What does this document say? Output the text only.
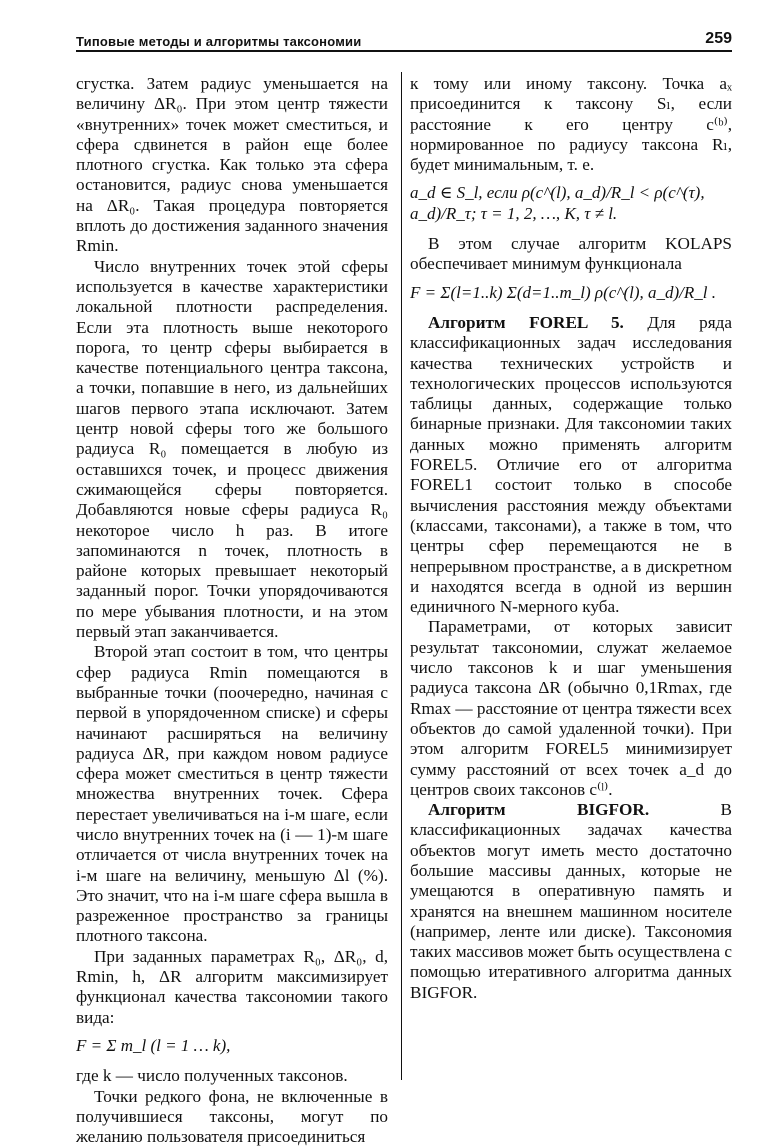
Типовые методы и алгоритмы таксономии	259

сгустка. Затем радиус уменьшается на величину ΔR₀. При этом центр тяжести «внутренних» точек может сместиться, и сфера сдвинется в район еще более плотного сгустка. Как только эта сфера остановится, радиус снова уменьшается на ΔR₀. Такая процедура повторяется вплоть до достижения заданного значения Rmin.

Число внутренних точек этой сферы используется в качестве характеристики локальной плотности распределения. Если эта плотность выше некоторого порога, то центр сферы выбирается в качестве потенциального центра таксона, а точки, попавшие в него, из дальнейших шагов первого этапа исключают. Затем центр новой сферы того же большого радиуса R₀ помещается в любую из оставшихся точек, и процесс движения сжимающейся сферы повторяется. Добавляются новые сферы радиуса R₀ некоторое число h раз. В итоге запоминаются n точек, плотность в районе которых превышает некоторый заданный порог. Точки упорядочиваются по мере убывания плотности, и на этом первый этап заканчивается.

Второй этап состоит в том, что центры сфер радиуса Rmin помещаются в выбранные точки (поочередно, начиная с первой в упорядоченном списке) и сферы начинают расширяться на величину радиуса ΔR, при каждом новом радиусе сфера может сместиться в центр тяжести множества внутренних точек. Сфера перестает увеличиваться на i-м шаге, если число внутренних точек на (i — 1)-м шаге отличается от числа внутренних точек на i-м шаге на величину, меньшую Δl (%). Это значит, что на i-м шаге сфера вышла в разреженное пространство за границы плотного таксона.

При заданных параметрах R₀, ΔR₀, d, Rmin, h, ΔR алгоритм максимизирует функционал качества таксономии такого вида:

F = Σ m_l (l = 1 … k),

где k — число полученных таксонов.

Точки редкого фона, не включенные в получившиеся таксоны, могут по желанию пользователя присоединиться

к тому или иному таксону. Точка aₓ присоединится к таксону Sₗ, если расстояние к его центру c⁽ᵇ⁾, нормированное по радиусу таксона Rₗ, будет минимальным, т. е.

a_d ∈ S_l, если ρ(c^(l), a_d)/R_l < ρ(c^(τ), a_d)/R_τ; τ = 1, 2, …, K, τ ≠ l.

В этом случае алгоритм KOLAPS обеспечивает минимум функционала

F = Σ(l=1..k) Σ(d=1..m_l) ρ(c^(l), a_d)/R_l .

Алгоритм FOREL 5. Для ряда классификационных задач исследования качества технических устройств и технологических процессов используются таблицы данных, содержащие только бинарные признаки. Для таксономии таких данных можно применять алгоритм FOREL5. Отличие его от алгоритма FOREL1 состоит только в способе вычисления расстояния между объектами (классами, таксонами), а также в том, что центры сфер перемещаются не в непрерывном пространстве, а в дискретном и находятся всегда в одной из вершин единичного N-мерного куба.

Параметрами, от которых зависит результат таксономии, служат желаемое число таксонов k и шаг уменьшения радиуса таксона ΔR (обычно 0,1Rmax, где Rmax — расстояние от центра тяжести всех объектов до самой удаленной точки). При этом алгоритм FOREL5 минимизирует сумму расстояний от всех точек a_d до центров своих таксонов c⁽ˡ⁾.

Алгоритм BIGFOR.	В классификационных задачах качества объектов могут иметь место достаточно большие массивы данных, которые не умещаются в оперативную память и хранятся на внешнем машинном носителе (например, ленте или диске). Таксономия таких массивов может быть осуществлена с помощью итеративного алгоритма данных BIGFOR.
